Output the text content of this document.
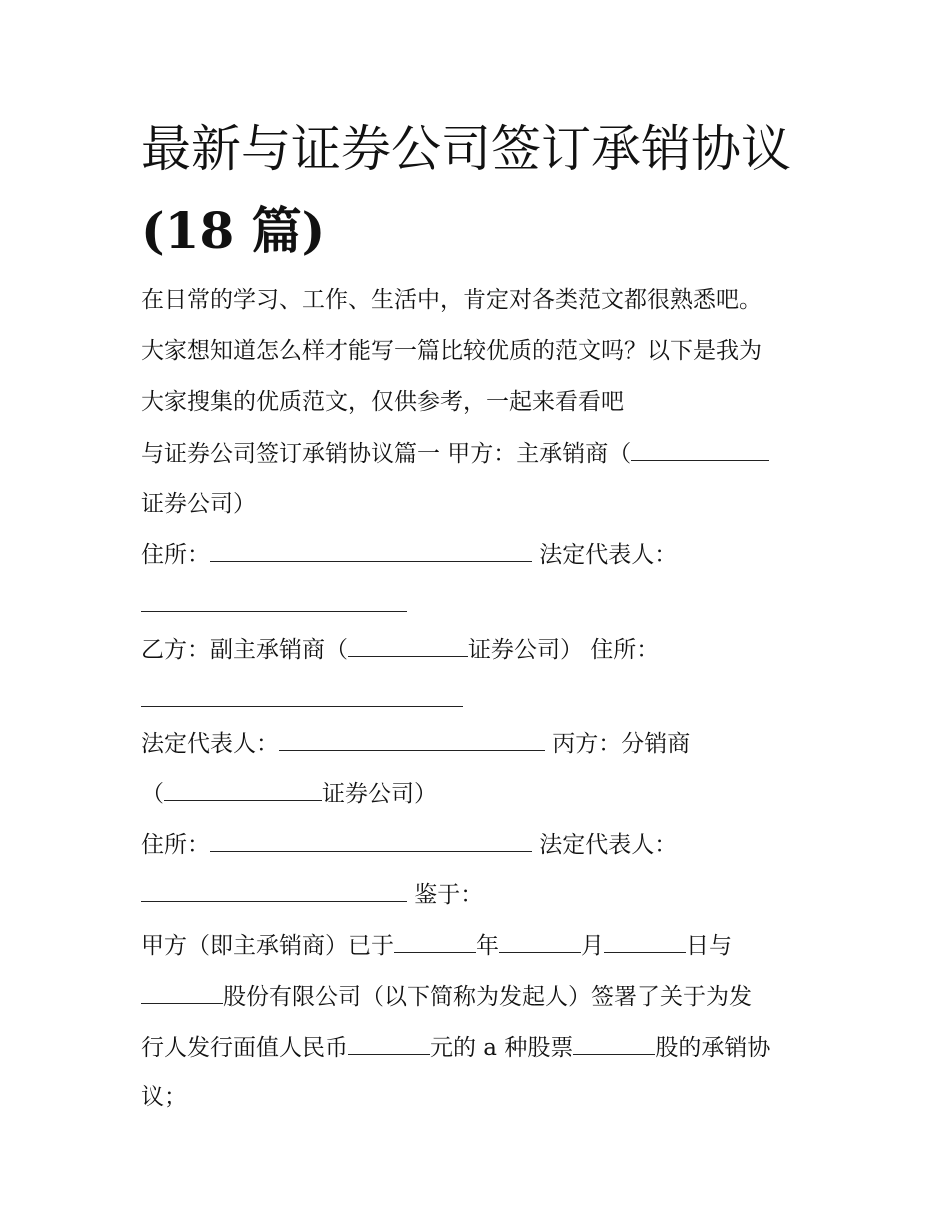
最新与证券公司签订承销协议
(18 篇)
在日常的学习、工作、生活中，肯定对各类范文都很熟悉吧。
大家想知道怎么样才能写一篇比较优质的范文吗？以下是我为
大家搜集的优质范文，仅供参考，一起来看看吧
与证券公司签订承销协议篇一 甲方：主承销商（
证券公司）
住所：	法定代表人：
乙方：副主承销商（	证券公司） 住所：
法定代表人：	丙方：分销商
（	证券公司）
住所：	法定代表人：
鉴于：
甲方（即主承销商）已于	年	月	日与
股份有限公司（以下简称为发起人）签署了关于为发
行人发行面值人民币	元的 a 种股票	股的承销协
议；
